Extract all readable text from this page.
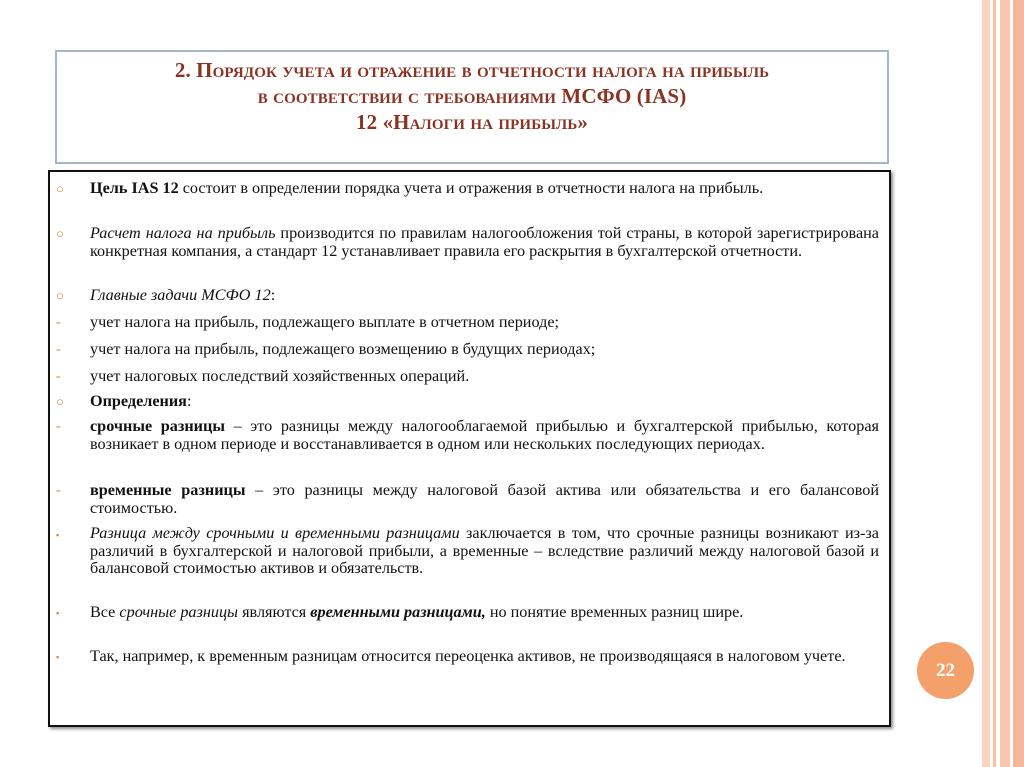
2. Порядок учета и отражение в отчетности налога на прибыль
в соответствии с требованиями МСФО (IAS)
12 «Налоги на прибыль»
○ Цель IAS 12 состоит в определении порядка учета и отражения в отчетности налога на прибыль.
○ Расчет налога на прибыль производится по правилам налогообложения той страны, в которой зарегистрирована конкретная компания, а стандарт 12 устанавливает правила его раскрытия в бухгалтерской отчетности.
○ Главные задачи МСФО 12:
- учет налога на прибыль, подлежащего выплате в отчетном периоде;
- учет налога на прибыль, подлежащего возмещению в будущих периодах;
- учет налоговых последствий хозяйственных операций.
○ Определения:
- срочные разницы – это разницы между налогооблагаемой прибылью и бухгалтерской прибылью, которая возникает в одном периоде и восстанавливается в одном или нескольких последующих периодах.
- временные разницы – это разницы между налоговой базой актива или обязательства и его балансовой стоимостью.
▪ Разница между срочными и временными разницами заключается в том, что срочные разницы возникают из-за различий в бухгалтерской и налоговой прибыли, а временные – вследствие различий между налоговой базой и балансовой стоимостью активов и обязательств.
▪ Все срочные разницы являются временными разницами, но понятие временных разниц шире.
▪ Так, например, к временным разницам относится переоценка активов, не производящаяся в налоговом учете.
22
